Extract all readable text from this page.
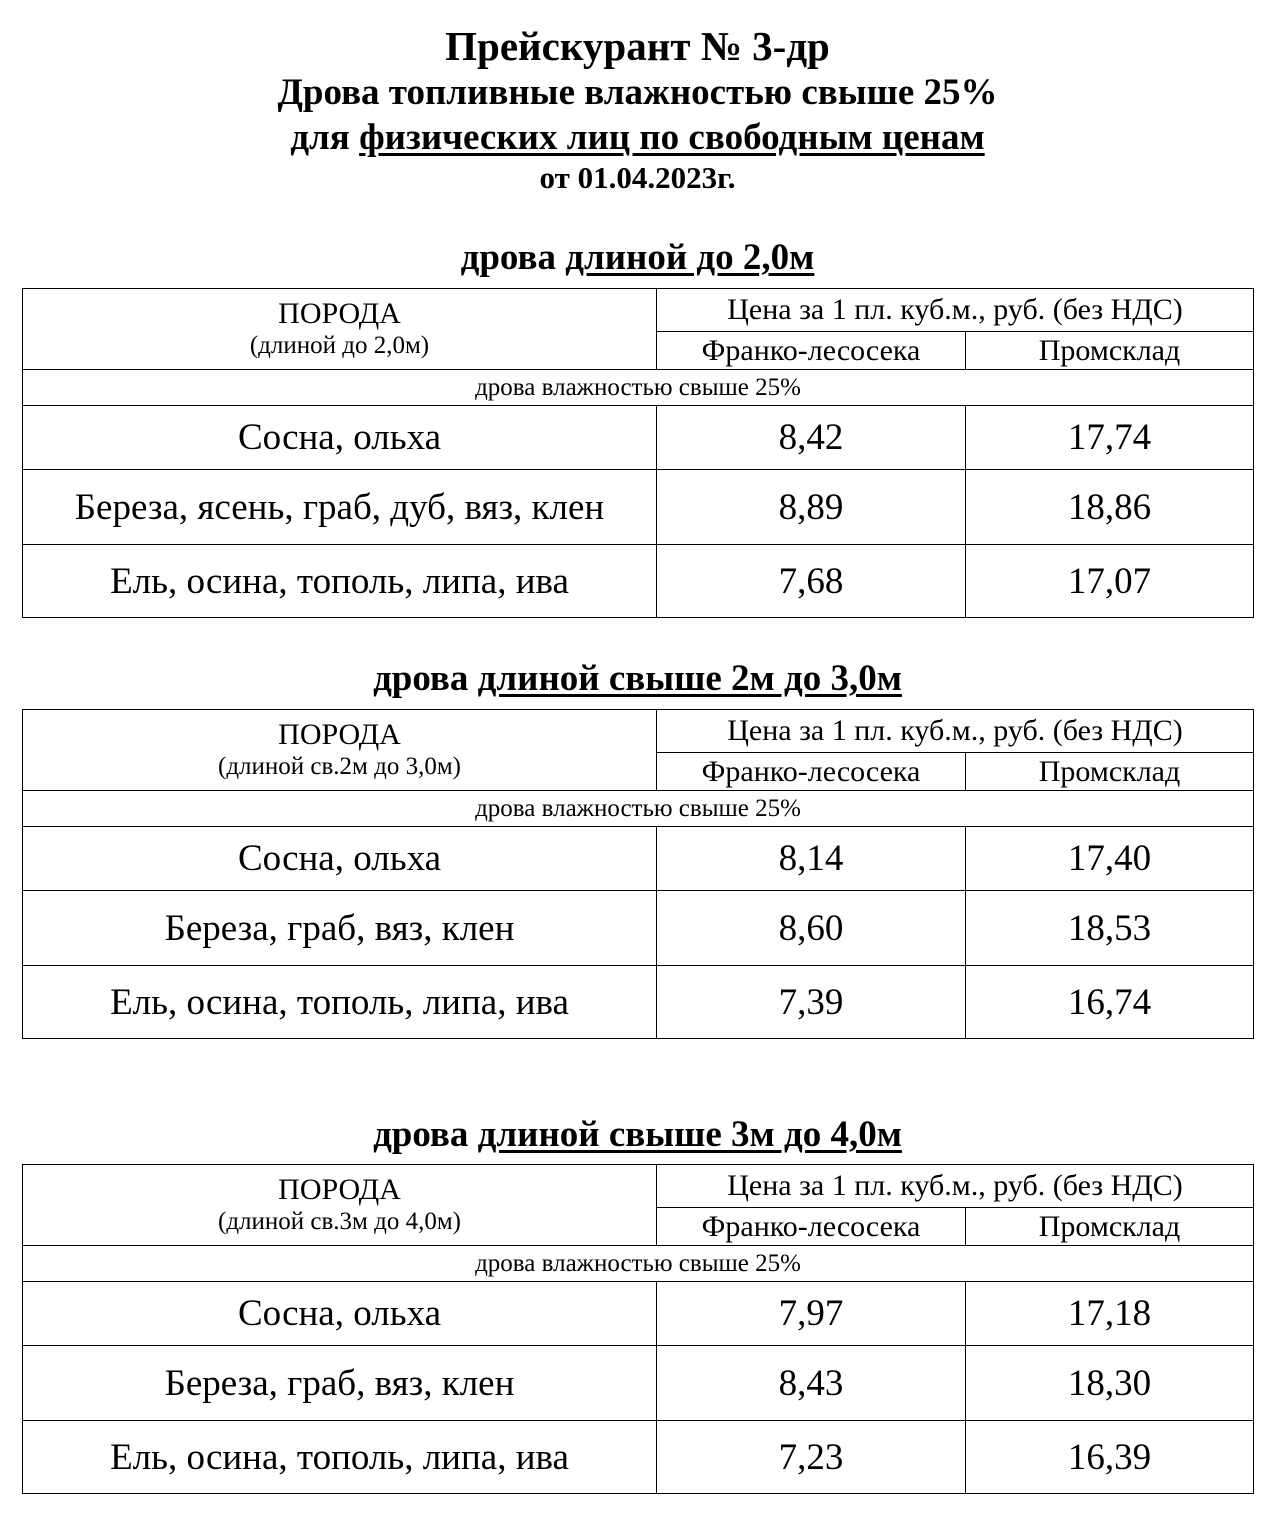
Прейскурант № 3-др
Дрова топливные влажностью свыше 25%
для физических лиц по свободным ценам
от 01.04.2023г.
дрова длиной до 2,0м
ПОРОДА
(длиной до 2,0м)	Цена за 1 пл. куб.м., руб. (без НДС)	
	Франко-лесосека	Промсклад
дрова влажностью свыше 25%		
Сосна, ольха	8,42	17,74
Береза, ясень, граб, дуб, вяз, клен	8,89	18,86
Ель, осина, тополь, липа, ива	7,68	17,07
дрова длиной свыше 2м до 3,0м
ПОРОДА
(длиной св.2м до 3,0м)	Цена за 1 пл. куб.м., руб. (без НДС)	
	Франко-лесосека	Промсклад
дрова влажностью свыше 25%		
Сосна, ольха	8,14	17,40
Береза, граб, вяз, клен	8,60	18,53
Ель, осина, тополь, липа, ива	7,39	16,74
дрова длиной свыше 3м до 4,0м
ПОРОДА
(длиной св.3м до 4,0м)	Цена за 1 пл. куб.м., руб. (без НДС)	
	Франко-лесосека	Промсклад
дрова влажностью свыше 25%		
Сосна, ольха	7,97	17,18
Береза, граб, вяз, клен	8,43	18,30
Ель, осина, тополь, липа, ива	7,23	16,39
